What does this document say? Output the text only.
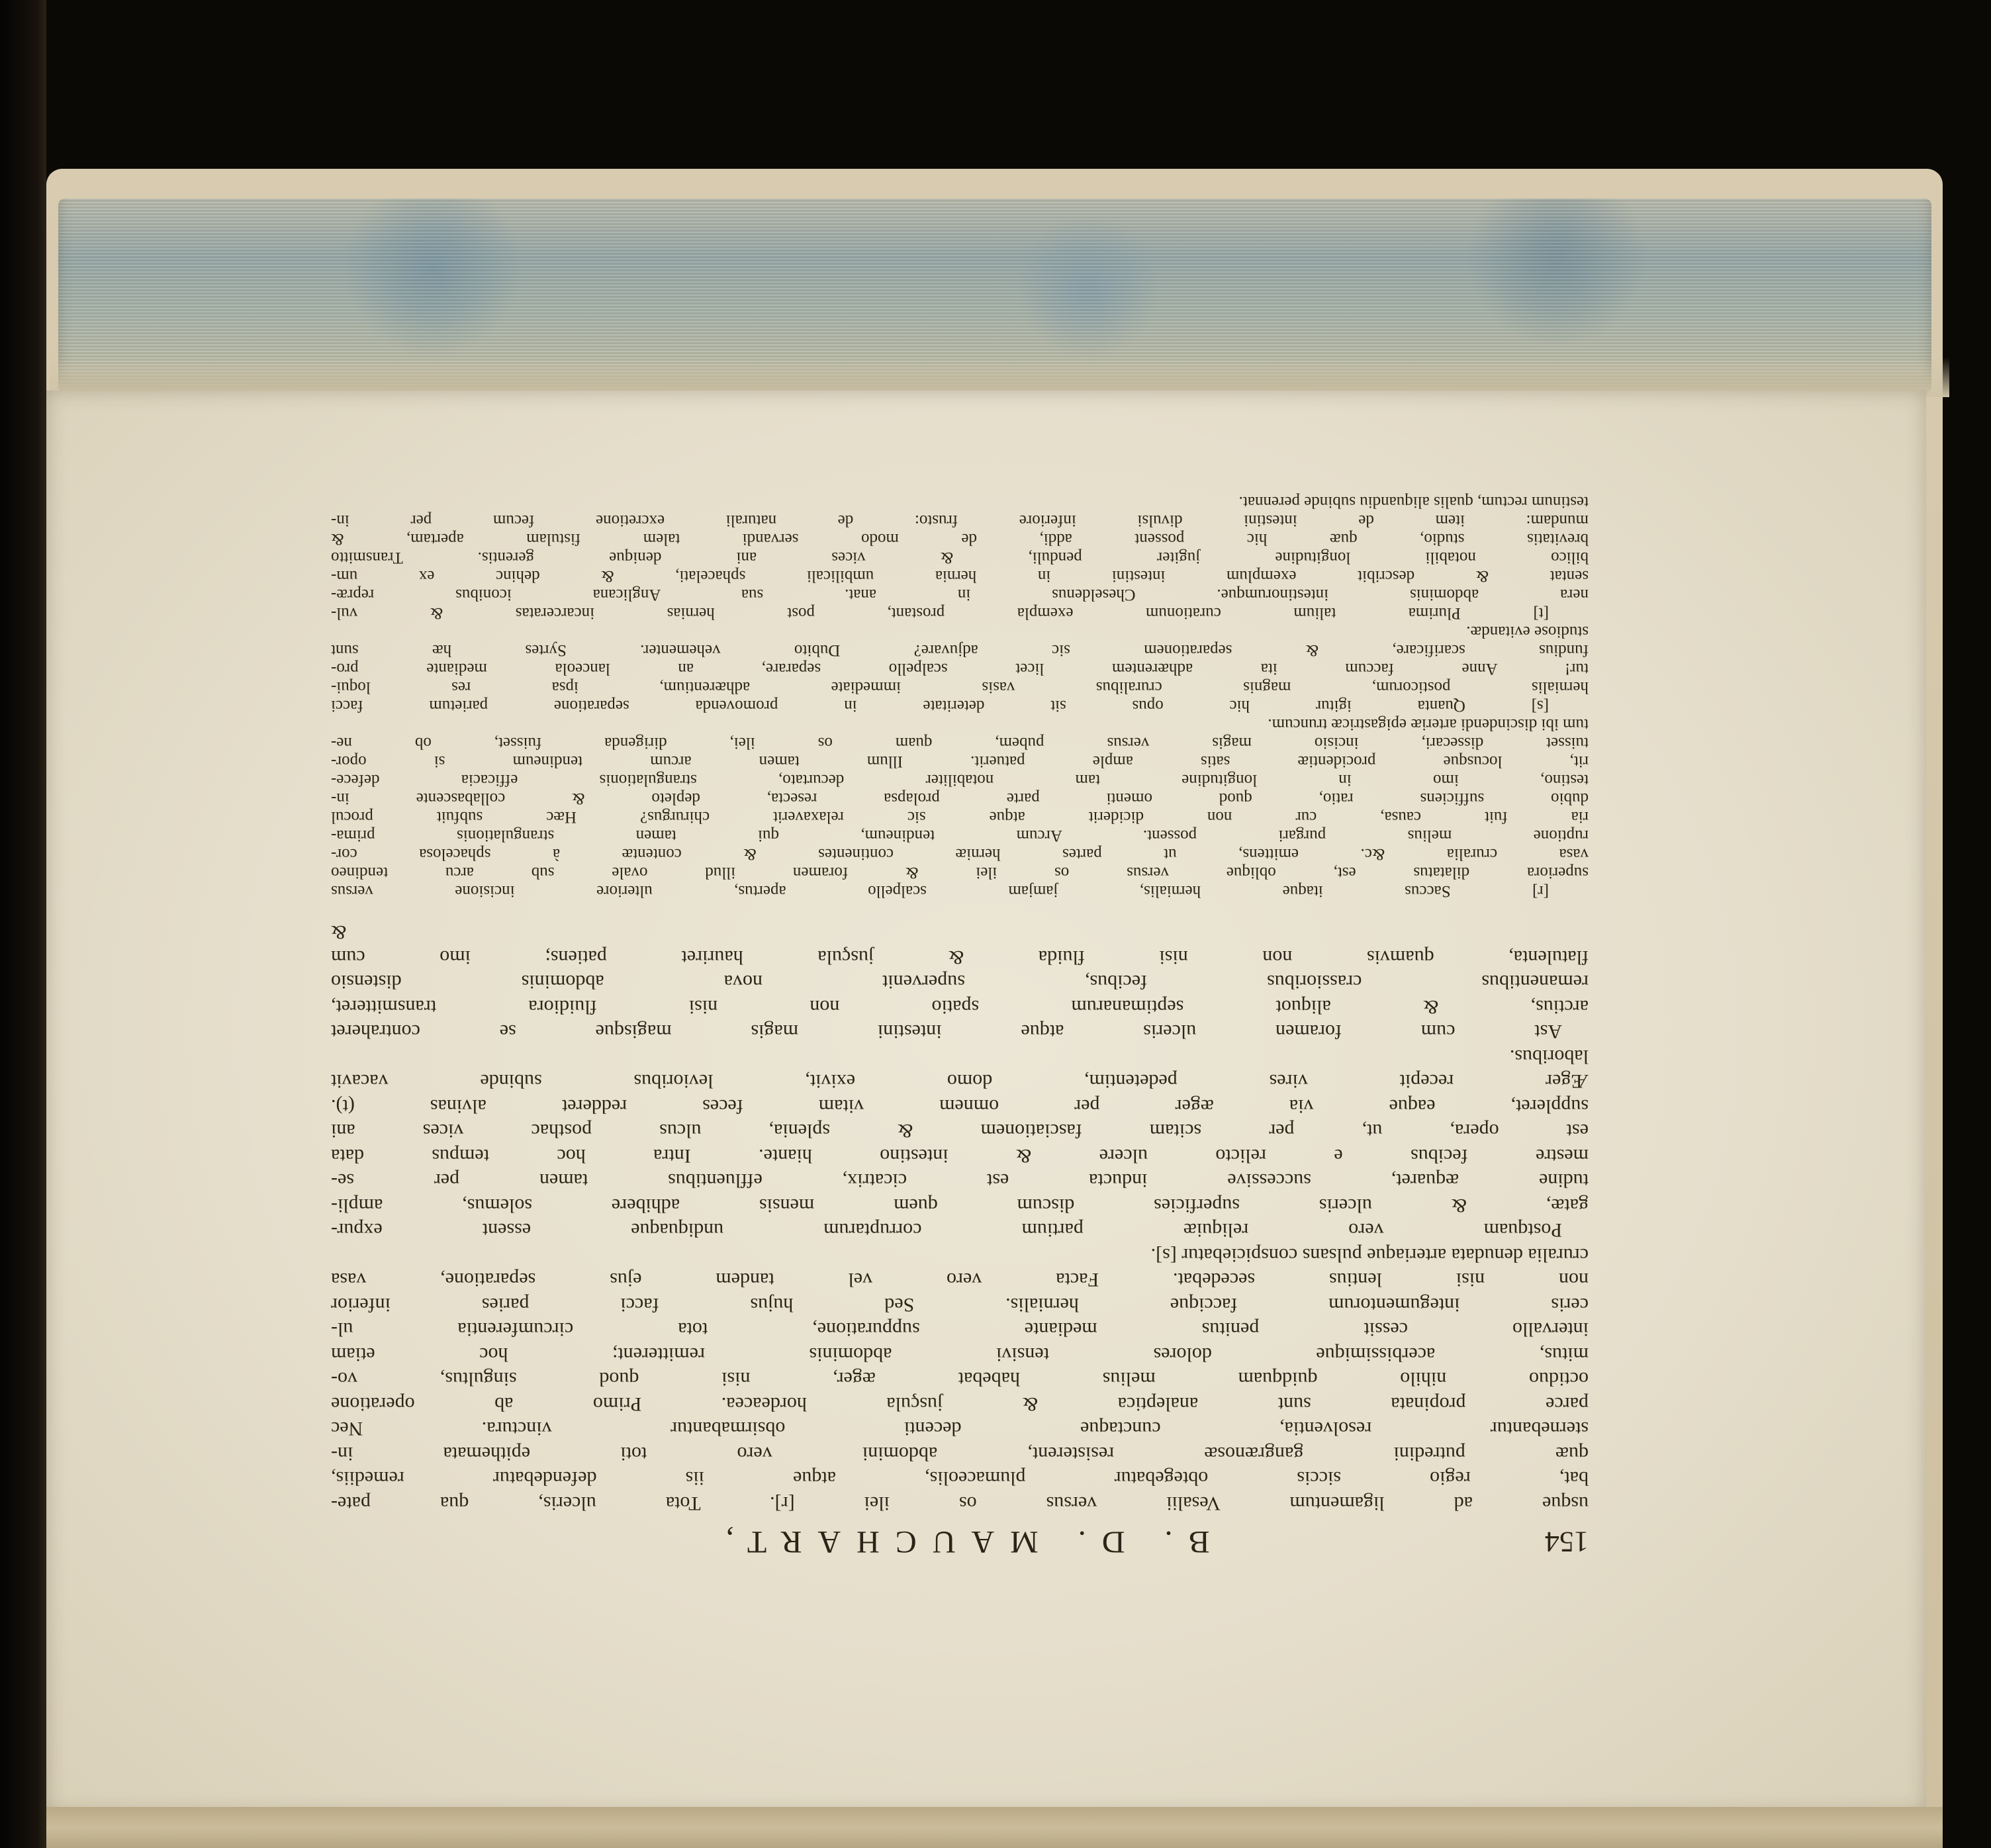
154
B. D. MAUCHART,

usque ad ligamentum Vesalii versus os ilei [r]. Tota ulceris, qua pate-

bat, regio siccis obtegebatur plumaceolis, atque iis defendebatur remediis,

quæ putredini gangrænosæ resisterent, abdomini vero toti epithemata in-

sternebantur resolventia, cunctaque decenti obsirmabantur vinctura. Nec

parce propinata sunt analeptica & jusçula hordeacea. Primo ab operatione

octiduo nihilo quidquam melius habebat æger, nisi quod singultus, vo-

mitus, acerbissimique dolores tensivi abdominis remitterent; hoc etiam

intervallo cessit penitus mediante suppuratione, tota circumferentia ul-

ceris integumentorum faccique hernialis. Sed hujus facci paries inferior

non nisi lentius secedebat. Facta vero vel tandem ejus separatione, vasa

cruralia denudata arteriaque pulsans conspiciebatur [s].

Postquam vero reliquiæ partium corruptarum undiquaque essent expur-

gatæ, & ulceris superficies discum quem mensis adhibere solemus, ampli-

tudine æquaret, successive inducta est cicatrix, effluentibus tamen per se-

mestre fecibus e relicto ulcere & intestino hiante. Intra hoc tempus data

est opera, ut, per scitam fasciationem & splenia, ulcus posthac vices ani

suppleret, eaque via æger per omnem vitam feces redderet alvinas (t).

Æger recepit vires pedetentim, domo exivit, levioribus subinde vacavit

laboribus.

Ast cum foramen ulceris atque intestini magis magisque se contraheret

arctius, & aliquot septimanarum spatio non nisi fluidiora transmitteret,

remanentibus crassioribus fecibus, supervenit nova abdominis distensio

flatulenta, quamvis non nisi fluida & jusçula hauriret patiens; imo cum

&

[r] Saccus itaque hernialis, jamjam scalpello apertus, ulteriore incisione versus

superiora dilatatus est, oblique versus os ilei & foramen illud ovale sub arcu tendineo

vasa cruralia &c. emittens, ut partes herniæ continentes & contentæ à sphacelosa cor-

ruptione melius purgari possent. Arcum tendineum, qui tamen strangulationis prima-

ria fuit causa, cur non diciderit atque sic relaxaverit chirurgus? Hæc subfuit procul

dubio sufficiens ratio, quod omenti parte prolapsa resecta, depleto & collabascente in-

testino, imo in longitudine tam notabiliter decurtato, strangulationis efficacia defece-

rit, locusque procidentiæ satis ample patuerit. Illum tamen arcum tendineum si opor-

tuisset dissecari, incisio magis versus pubem, quam os ilei, dirigenda fuisset, ob ne-

tum ibi discindendi arteriæ epigastricæ truncum.

[s] Quanta igitur hic opus sit deteritate in promovenda separatione parietum facci

hernialis posticorum, magnis cruralibus vasis immediate adhærentium, ipsa res loqui-

tur! Anne faccum ita adhærentem licet scalpello separare, an lanceola mediante pro-

fundius scarificare, & separationem sic adjuvare? Dubito vehementer. Syrtes hæ sunt

studiose evitandæ.

[t] Plurima talium curationum exempla prostant, post hernias incarceratas & vul-

nera abdominis intestinorumque. Cheseldenus in anat. sua Anglicana iconibus repræ-

sentat & describit exemplum intestini in hernia umbilicali sphacelati, & dehinc ex um-

bilico notabili longitudine jugiter penduli, & vices ani denique gerentis. Transmitto

brevitatis studio, quæ hic possent addi, de modo servandi talem fistulam apertam, &

mundam: item de intestini divulsi inferiore frusto: de naturali excretione fecum per in-

testinum rectum, qualis aliquandiu subinde perennat.
